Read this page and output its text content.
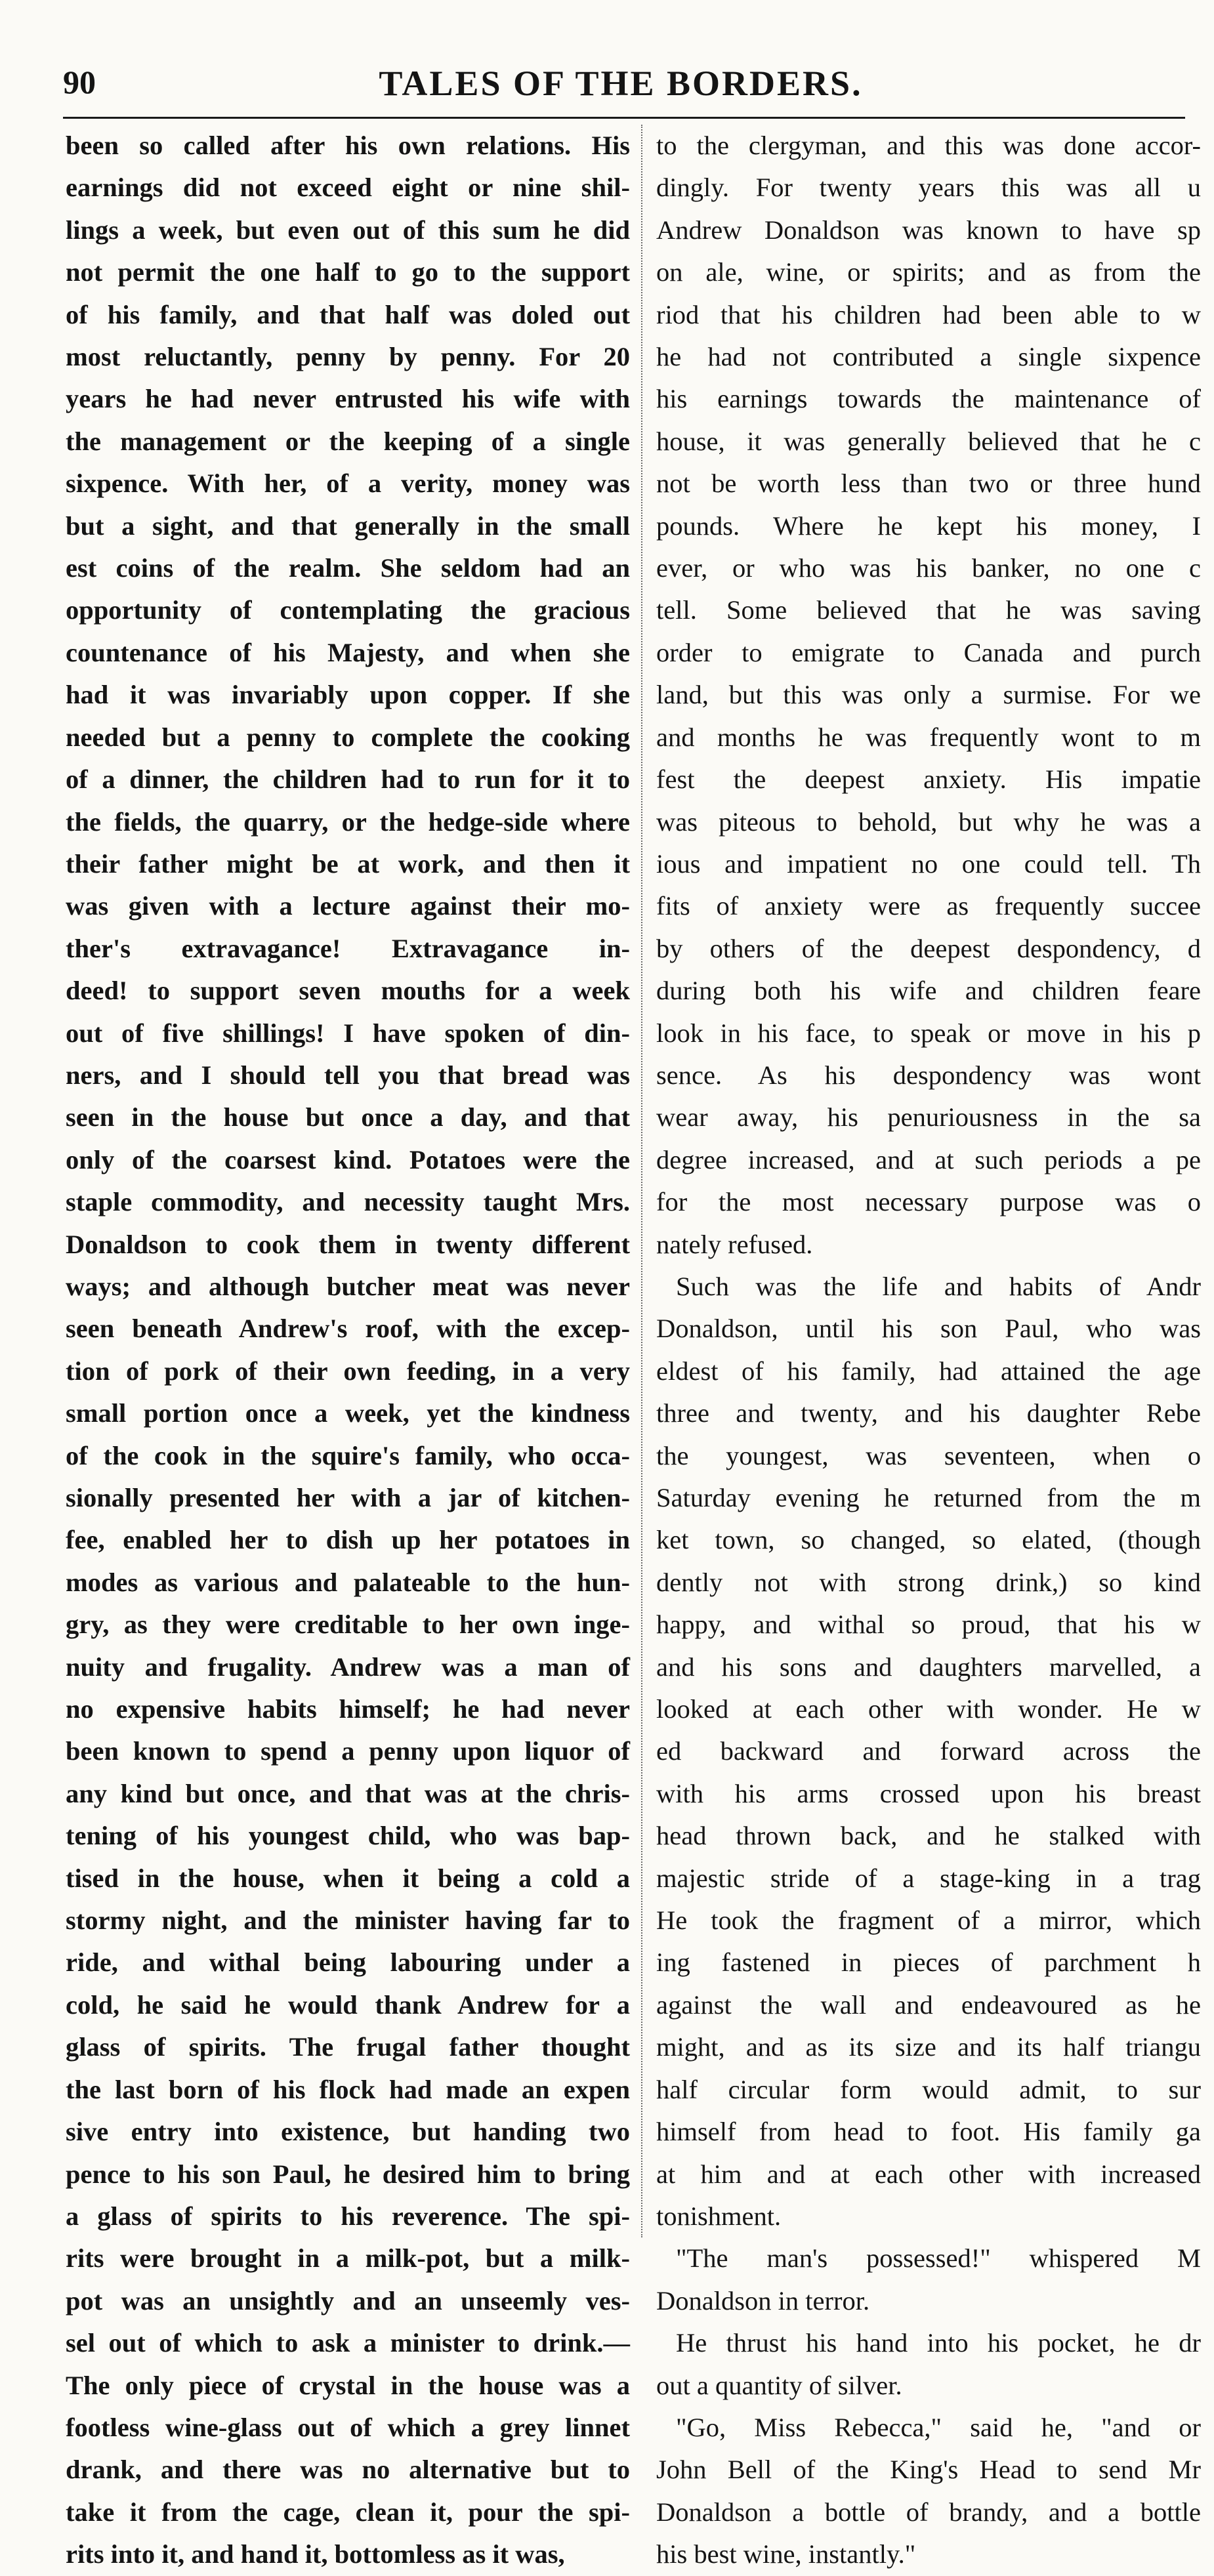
90	TALES OF THE BORDERS.
been so called after his own relations. His
earnings did not exceed eight or nine shil-
lings a week, but even out of this sum he did
not permit the one half to go to the support
of his family, and that half was doled out
most reluctantly, penny by penny. For 20
years he had never entrusted his wife with
the management or the keeping of a single
sixpence. With her, of a verity, money was
but a sight, and that generally in the small
est coins of the realm. She seldom had an
opportunity of contemplating the gracious
countenance of his Majesty, and when she
had it was invariably upon copper. If she
needed but a penny to complete the cooking
of a dinner, the children had to run for it to
the fields, the quarry, or the hedge-side where
their father might be at work, and then it
was given with a lecture against their mo-
ther's extravagance! Extravagance in-
deed! to support seven mouths for a week
out of five shillings! I have spoken of din-
ners, and I should tell you that bread was
seen in the house but once a day, and that
only of the coarsest kind. Potatoes were the
staple commodity, and necessity taught Mrs.
Donaldson to cook them in twenty different
ways; and although butcher meat was never
seen beneath Andrew's roof, with the excep-
tion of pork of their own feeding, in a very
small portion once a week, yet the kindness
of the cook in the squire's family, who occa-
sionally presented her with a jar of kitchen-
fee, enabled her to dish up her potatoes in
modes as various and palateable to the hun-
gry, as they were creditable to her own inge-
nuity and frugality. Andrew was a man of
no expensive habits himself; he had never
been known to spend a penny upon liquor of
any kind but once, and that was at the chris-
tening of his youngest child, who was bap-
tised in the house, when it being a cold a
stormy night, and the minister having far to
ride, and withal being labouring under a
cold, he said he would thank Andrew for a
glass of spirits. The frugal father thought
the last born of his flock had made an expen
sive entry into existence, but handing two
pence to his son Paul, he desired him to bring
a glass of spirits to his reverence. The spi-
rits were brought in a milk-pot, but a milk-
pot was an unsightly and an unseemly ves-
sel out of which to ask a minister to drink.—
The only piece of crystal in the house was a
footless wine-glass out of which a grey linnet
drank, and there was no alternative but to
take it from the cage, clean it, pour the spi-
rits into it, and hand it, bottomless as it was,
to the clergyman, and this was done accor-
dingly. For twenty years this was all u
Andrew Donaldson was known to have sp
on ale, wine, or spirits; and as from the
riod that his children had been able to w
he had not contributed a single sixpence
his earnings towards the maintenance of
house, it was generally believed that he c
not be worth less than two or three hund
pounds. Where he kept his money, I
ever, or who was his banker, no one c
tell. Some believed that he was saving
order to emigrate to Canada and purch
land, but this was only a surmise. For we
and months he was frequently wont to m
fest the deepest anxiety. His impatie
was piteous to behold, but why he was a
ious and impatient no one could tell. Th
fits of anxiety were as frequently succee
by others of the deepest despondency, d
during both his wife and children feare
look in his face, to speak or move in his p
sence. As his despondency was wont
wear away, his penuriousness in the sa
degree increased, and at such periods a pe
for the most necessary purpose was o
nately refused.
Such was the life and habits of Andr
Donaldson, until his son Paul, who was
eldest of his family, had attained the age
three and twenty, and his daughter Rebe
the youngest, was seventeen, when o
Saturday evening he returned from the m
ket town, so changed, so elated, (though
dently not with strong drink,) so kind
happy, and withal so proud, that his w
and his sons and daughters marvelled, a
looked at each other with wonder. He w
ed backward and forward across the
with his arms crossed upon his breast
head thrown back, and he stalked with
majestic stride of a stage-king in a trag
He took the fragment of a mirror, which
ing fastened in pieces of parchment h
against the wall and endeavoured as he
might, and as its size and its half triangu
half circular form would admit, to sur
himself from head to foot. His family ga
at him and at each other with increased
tonishment.
"The man's possessed!" whispered M
Donaldson in terror.
He thrust his hand into his pocket, he dr
out a quantity of silver.
"Go, Miss Rebecca," said he, "and or
John Bell of the King's Head to send Mr
Donaldson a bottle of brandy, and a bottle
his best wine, instantly."
